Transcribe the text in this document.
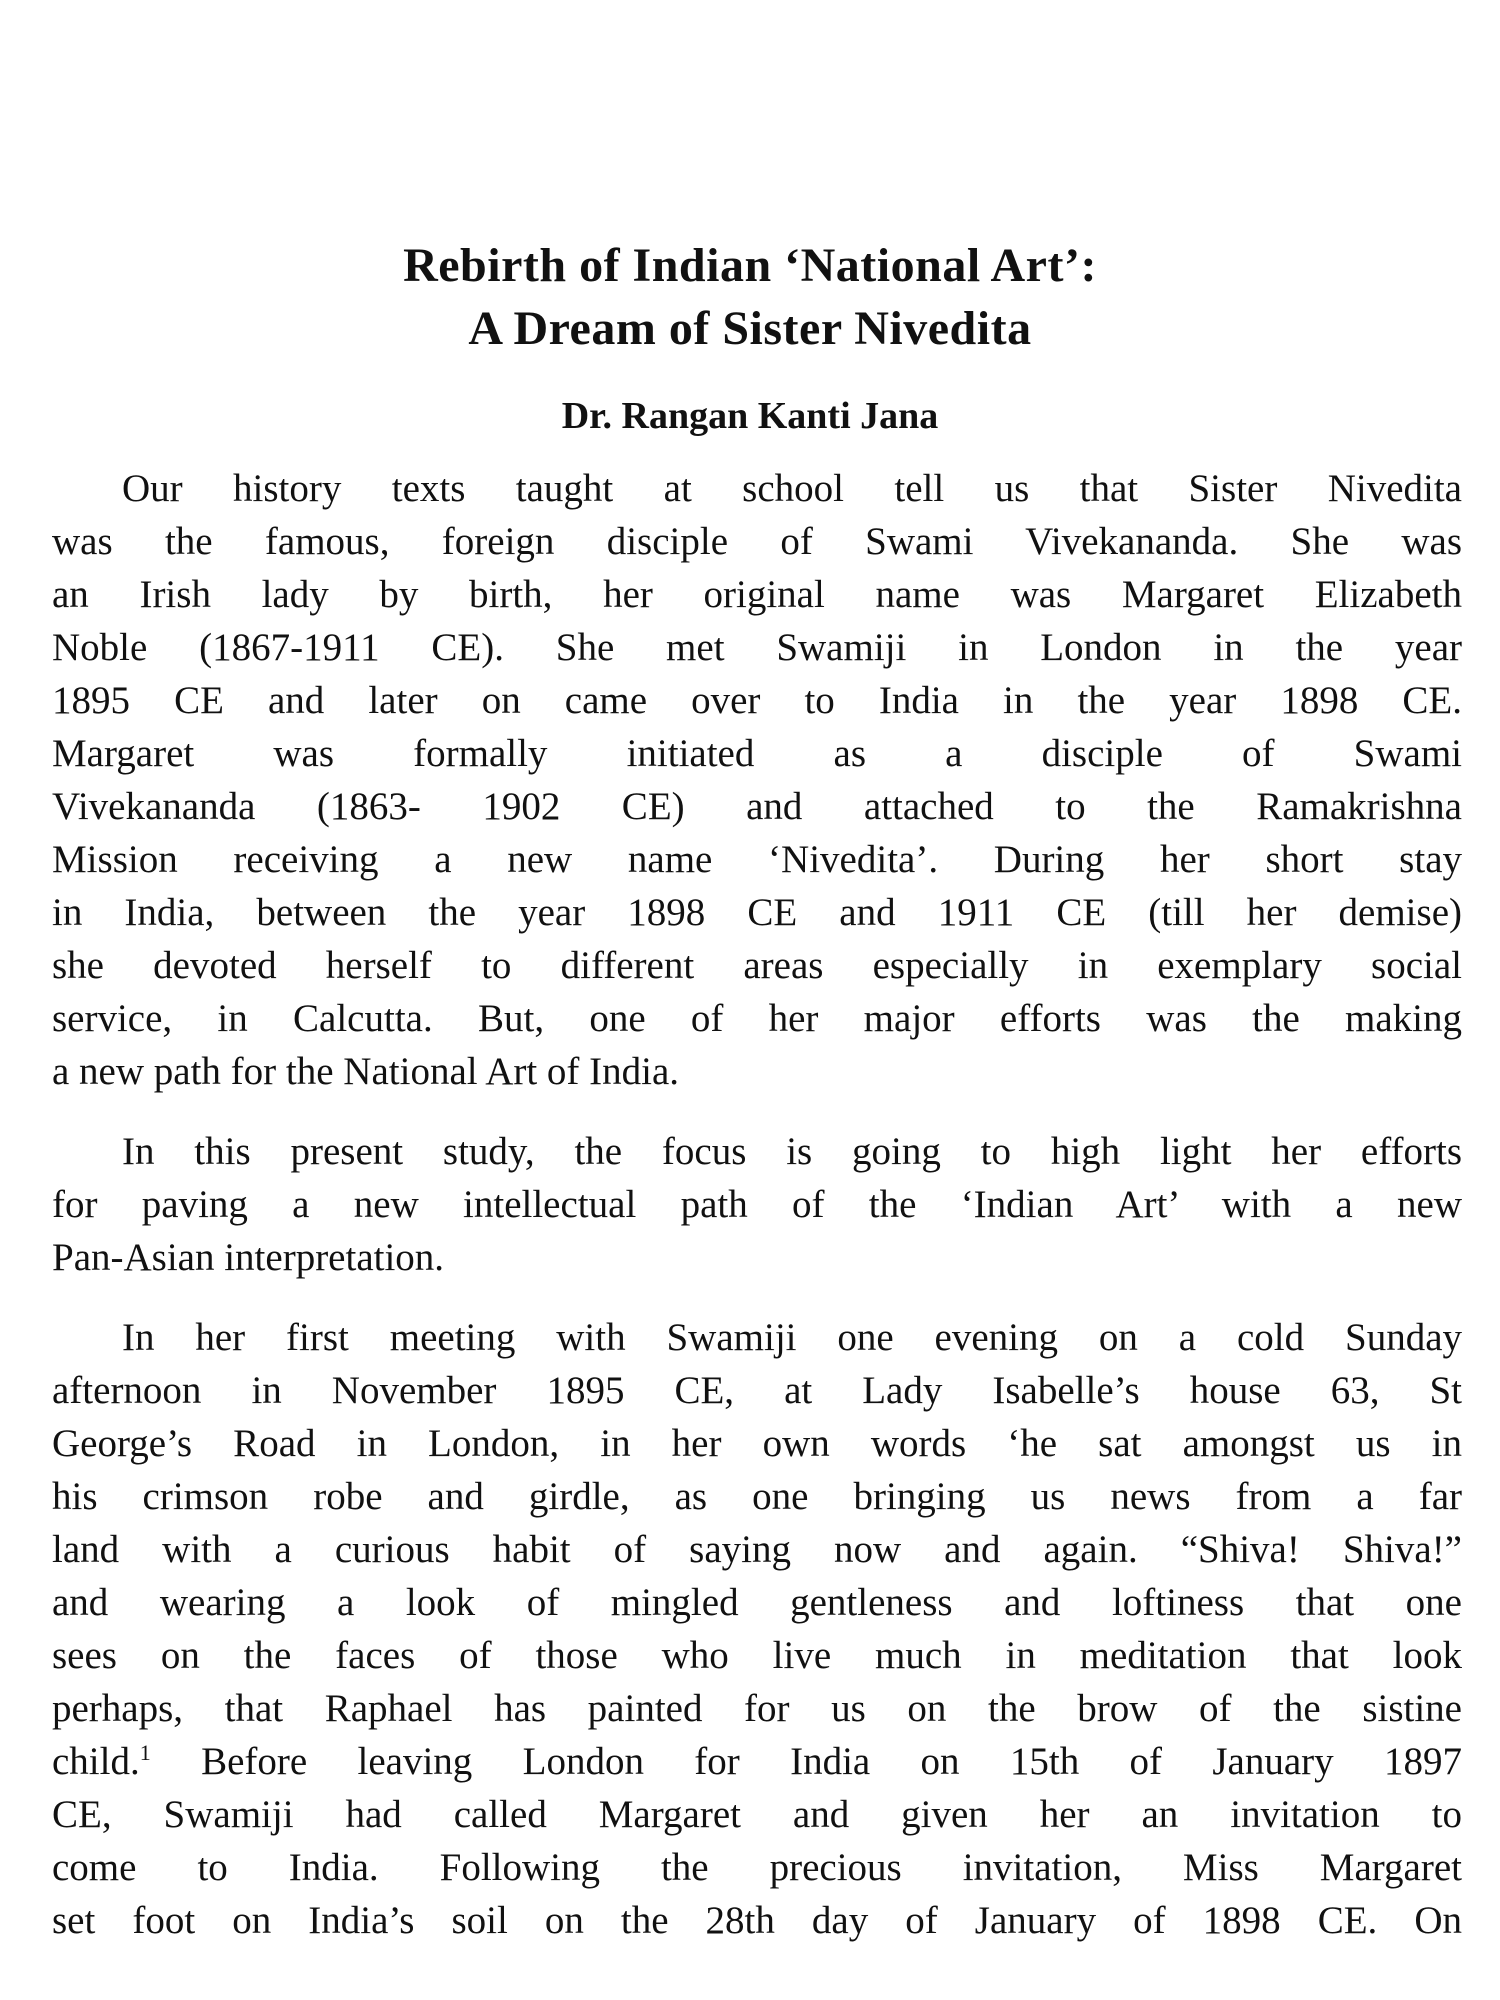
Rebirth of Indian ‘National Art’:
A Dream of Sister Nivedita
Dr. Rangan Kanti Jana

Our history texts taught at school tell us that Sister Nivedita
was the famous, foreign disciple of Swami Vivekananda. She was
an Irish lady by birth, her original name was Margaret Elizabeth
Noble (1867-1911 CE). She met Swamiji in London in the year
1895 CE and later on came over to India in the year 1898 CE.
Margaret was formally initiated as a disciple of Swami
Vivekananda (1863- 1902 CE) and attached to the Ramakrishna
Mission receiving a new name ‘Nivedita’. During her short stay
in India, between the year 1898 CE and 1911 CE (till her demise)
she devoted herself to different areas especially in exemplary social
service, in Calcutta. But, one of her major efforts was the making
a new path for the National Art of India.

In this present study, the focus is going to high light her efforts
for paving a new intellectual path of the ‘Indian Art’ with a new
Pan-Asian interpretation.

In her first meeting with Swamiji one evening on a cold Sunday
afternoon in November 1895 CE, at Lady Isabelle’s house 63, St
George’s Road in London, in her own words ‘he sat amongst us in
his crimson robe and girdle, as one bringing us news from a far
land with a curious habit of saying now and again. “Shiva! Shiva!”
and wearing a look of mingled gentleness and loftiness that one
sees on the faces of those who live much in meditation that look
perhaps, that Raphael has painted for us on the brow of the sistine
child.$^1$ Before leaving London for India on 15th of January 1897
CE, Swamiji had called Margaret and given her an invitation to
come to India. Following the precious invitation, Miss Margaret
set foot on India’s soil on the 28th day of January of 1898 CE. On
